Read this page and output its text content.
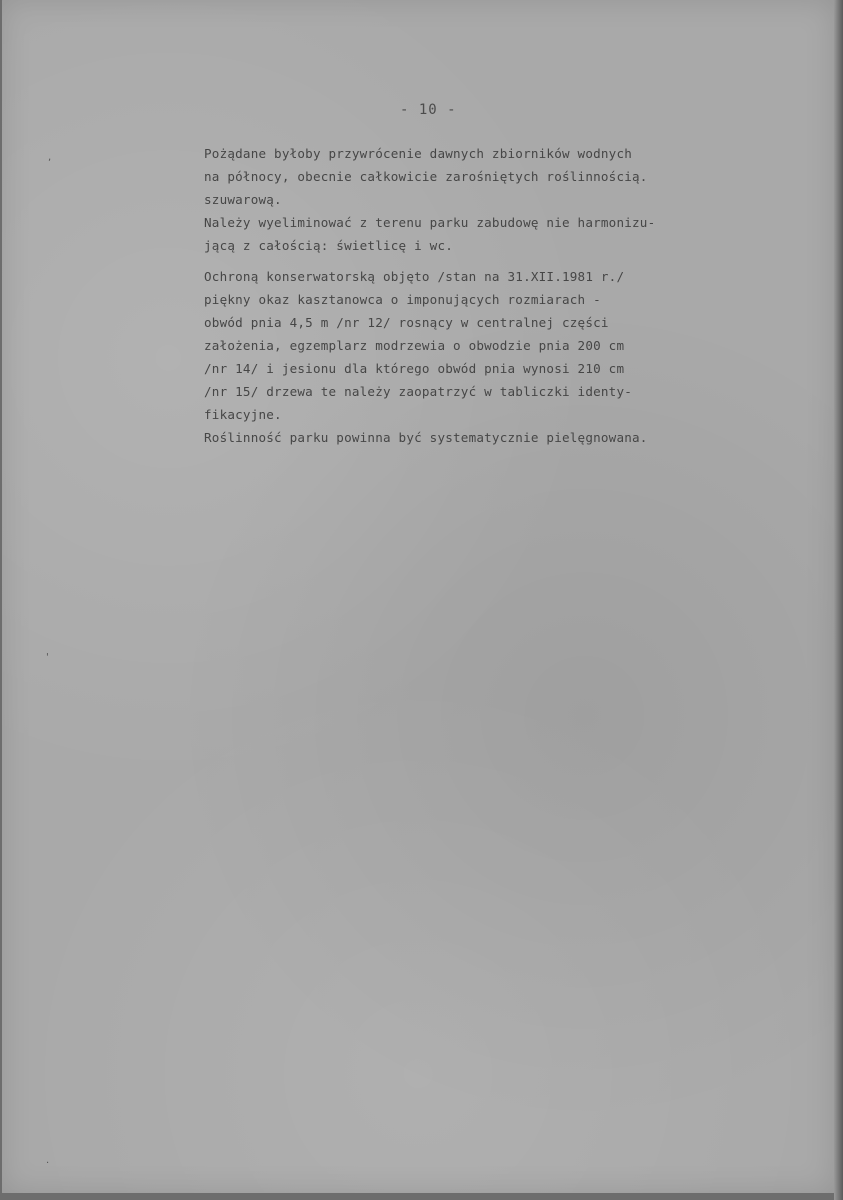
- 10 -
Pożądane byłoby przywrócenie dawnych zbiorników wodnych
na północy, obecnie całkowicie zarośniętych roślinnością.
szuwarową.
Należy wyeliminować z terenu parku zabudowę nie harmonizu-
jącą z całością: świetlicę i wc.
Ochroną konserwatorską objęto /stan na 31.XII.1981 r./
piękny okaz kasztanowca o imponujących rozmiarach -
obwód pnia 4,5 m /nr 12/ rosnący w centralnej części
założenia, egzemplarz modrzewia o obwodzie pnia 200 cm
/nr 14/ i jesionu dla którego obwód pnia wynosi 210 cm
/nr 15/ drzewa te należy zaopatrzyć w tabliczki identy-
fikacyjne.
Roślinność parku powinna być systematycznie pielęgnowana.
,
'
·
